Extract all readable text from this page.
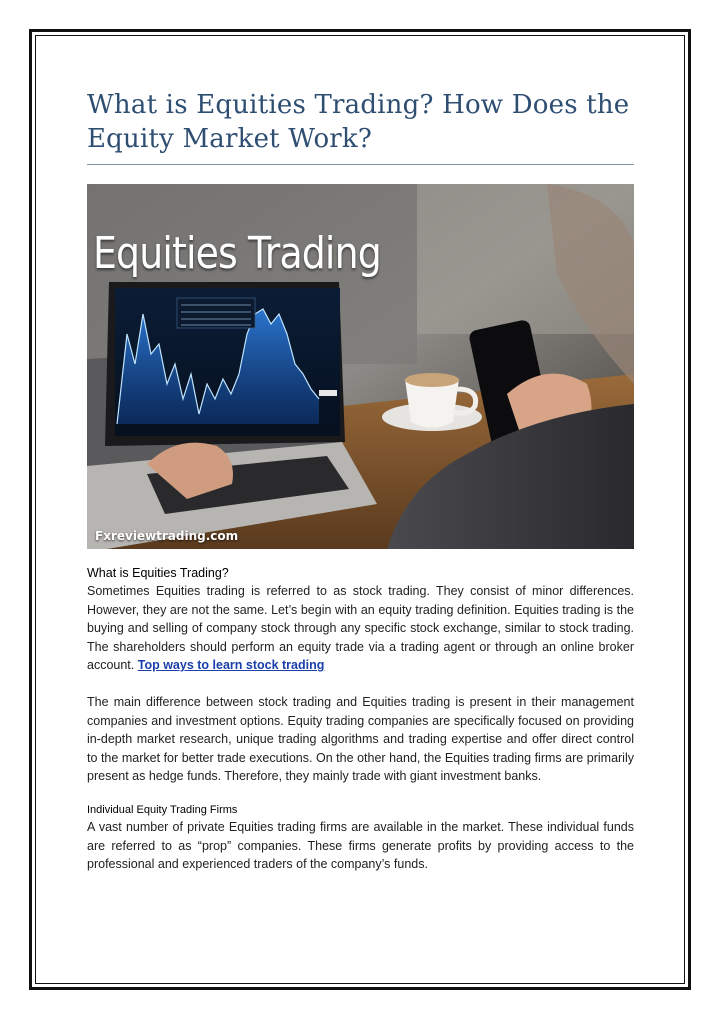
What is Equities Trading? How Does the Equity Market Work?
Equities Trading
Fxreviewtrading.com
What is Equities Trading?

Sometimes Equities trading is referred to as stock trading. They consist of minor differences. However, they are not the same. Let’s begin with an equity trading definition. Equities trading is the buying and selling of company stock through any specific stock exchange, similar to stock trading. The shareholders should perform an equity trade via a trading agent or through an online broker account. Top ways to learn stock trading

The main difference between stock trading and Equities trading is present in their management companies and investment options. Equity trading companies are specifically focused on providing in-depth market research, unique trading algorithms and trading expertise and offer direct control to the market for better trade executions. On the other hand, the Equities trading firms are primarily present as hedge funds. Therefore, they mainly trade with giant investment banks.

Individual Equity Trading Firms

A vast number of private Equities trading firms are available in the market. These individual funds are referred to as “prop” companies. These firms generate profits by providing access to the professional and experienced traders of the company’s funds.
